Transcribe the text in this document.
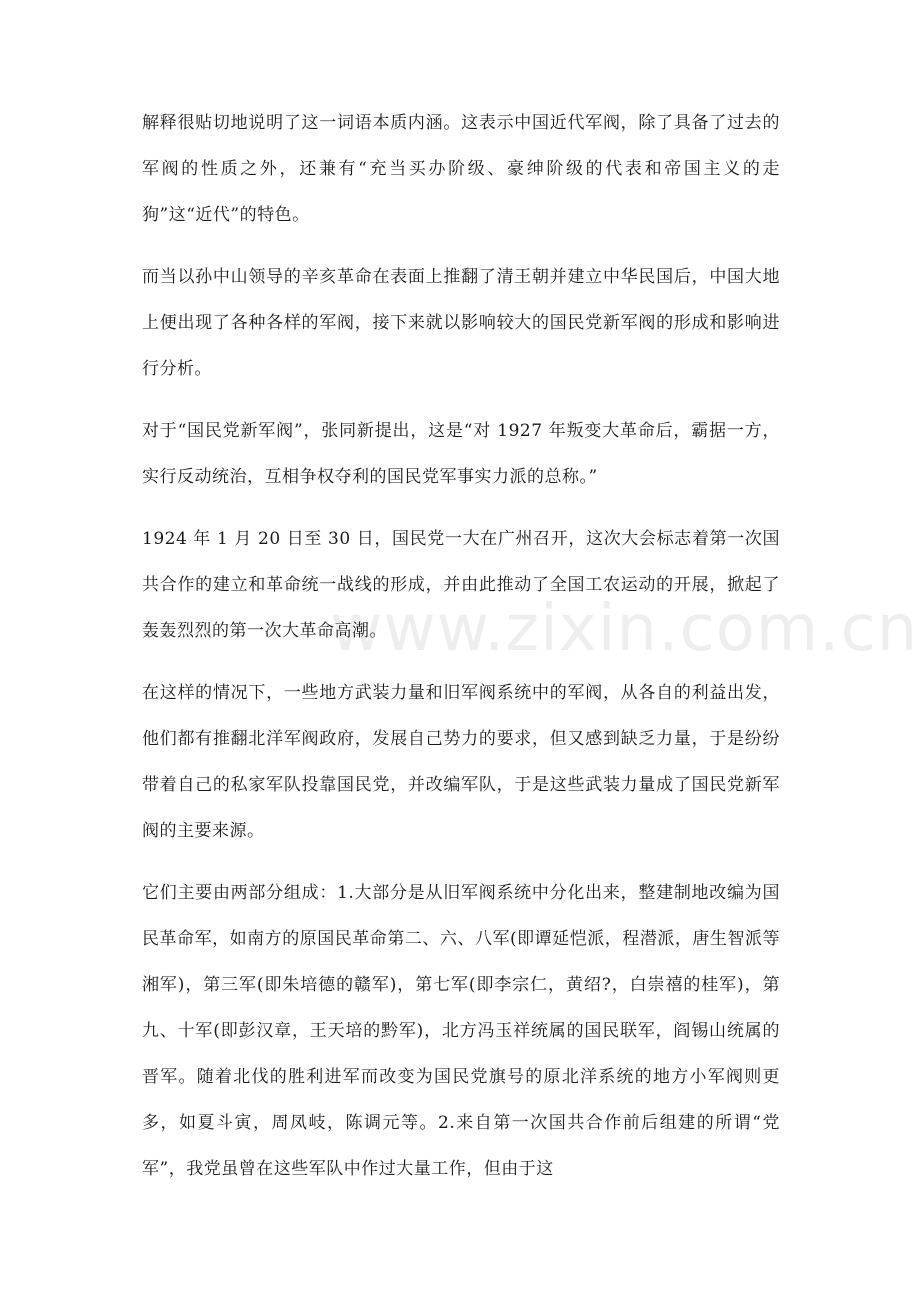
解释很贴切地说明了这一词语本质内涵。这表示中国近代军阀，除了具备了过去的军阀的性质之外，还兼有“充当买办阶级、豪绅阶级的代表和帝国主义的走狗”这“近代”的特色。

而当以孙中山领导的辛亥革命在表面上推翻了清王朝并建立中华民国后，中国大地上便出现了各种各样的军阀，接下来就以影响较大的国民党新军阀的形成和影响进行分析。

对于“国民党新军阀”，张同新提出，这是“对 1927 年叛变大革命后，霸据一方，实行反动统治，互相争权夺利的国民党军事实力派的总称。”

1924 年 1 月 20 日至 30 日，国民党一大在广州召开，这次大会标志着第一次国共合作的建立和革命统一战线的形成，并由此推动了全国工农运动的开展，掀起了轰轰烈烈的第一次大革命高潮。

在这样的情况下，一些地方武装力量和旧军阀系统中的军阀，从各自的利益出发，他们都有推翻北洋军阀政府，发展自己势力的要求，但又感到缺乏力量，于是纷纷带着自己的私家军队投靠国民党，并改编军队，于是这些武装力量成了国民党新军阀的主要来源。

它们主要由两部分组成：1.大部分是从旧军阀系统中分化出来，整建制地改编为国民革命军，如南方的原国民革命第二、六、八军(即谭延恺派，程潜派，唐生智派等湘军)，第三军(即朱培德的赣军)，第七军(即李宗仁，黄绍?，白崇禧的桂军)，第九、十军(即彭汉章，王天培的黔军)，北方冯玉祥统属的国民联军，阎锡山统属的晋军。随着北伐的胜利进军而改变为国民党旗号的原北洋系统的地方小军阀则更多，如夏斗寅，周凤岐，陈调元等。2.来自第一次国共合作前后组建的所谓“党军”，我党虽曾在这些军队中作过大量工作，但由于这

www.zixin.com.cn
